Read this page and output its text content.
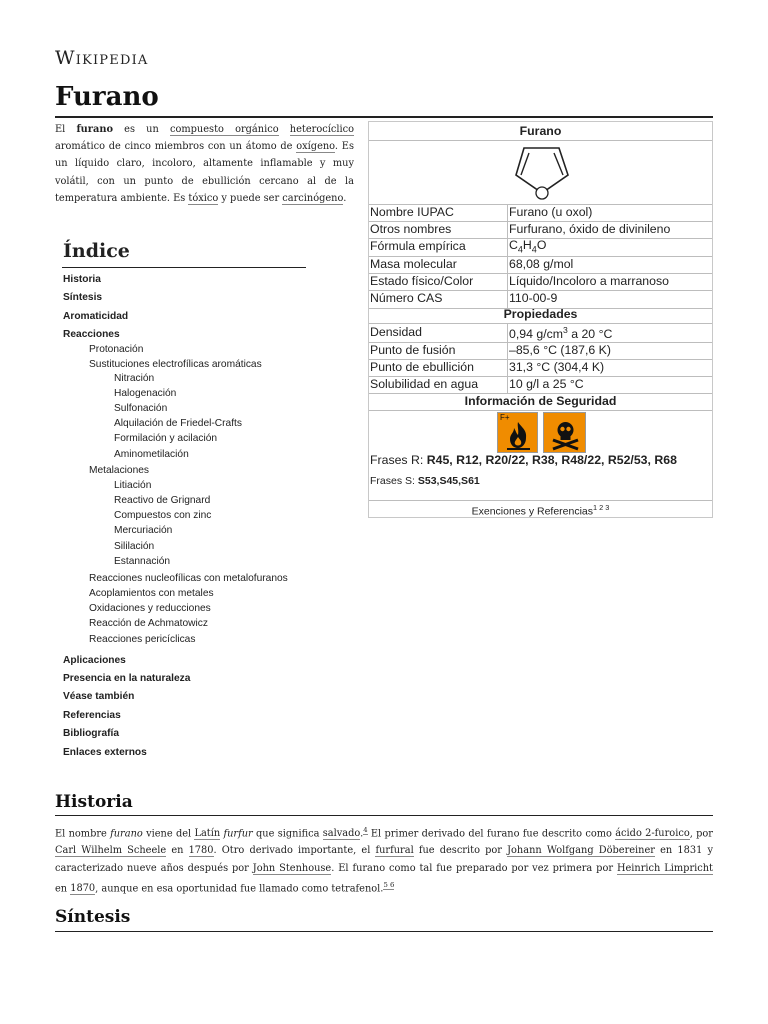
Wikipedia
Furano
El furano es un compuesto orgánico heterocíclico aromático de cinco miembros con un átomo de oxígeno. Es un líquido claro, incoloro, altamente inflamable y muy volátil, con un punto de ebullición cercano al de la temperatura ambiente. Es tóxico y puede ser carcinógeno.
Índice
Historia
Síntesis
Aromaticidad
Reacciones
Protonación
Sustituciones electrofílicas aromáticas
Nitración
Halogenación
Sulfonación
Alquilación de Friedel-Crafts
Formilación y acilación
Aminometilación
Metalaciones
Litiación
Reactivo de Grignard
Compuestos con zinc
Mercuriación
Sililación
Estannación
Reacciones nucleofílicas con metalofuranos
Acoplamientos con metales
Oxidaciones y reducciones
Reacción de Achmatowicz
Reacciones pericíclicas
Aplicaciones
Presencia en la naturaleza
Véase también
Referencias
Bibliografía
Enlaces externos
Furano
Nombre IUPAC	Furano (u oxol)
Otros nombres	Furfurano, óxido de divinileno
Fórmula empírica	$C_4H_4O$
Masa molecular	68,08 g/mol
Estado físico/Color	Líquido/Incoloro a marranoso
Número CAS	110-00-9
Propiedades
Densidad	0,94 $g/cm^3$ a 20 °C
Punto de fusión	–85,6 °C (187,6 K)
Punto de ebullición	31,3 °C (304,4 K)
Solubilidad en agua	10 g/l a 25 °C
Información de Seguridad
F+
Frases R: R45, R12, R20/22, R38, R48/22, R52/53, R68
Frases S: S53,S45,S61
Exenciones y Referencias$^{1 2 3}$
Historia
El nombre furano viene del Latín furfur que significa salvado.$^4$ El primer derivado del furano fue descrito como ácido 2-furoico, por Carl Wilhelm Scheele en 1780. Otro derivado importante, el furfural fue descrito por Johann Wolfgang Döbereiner en 1831 y caracterizado nueve años después por John Stenhouse. El furano como tal fue preparado por vez primera por Heinrich Limpricht en 1870, aunque en esa oportunidad fue llamado como tetrafenol.$^{5 6}$
Síntesis
